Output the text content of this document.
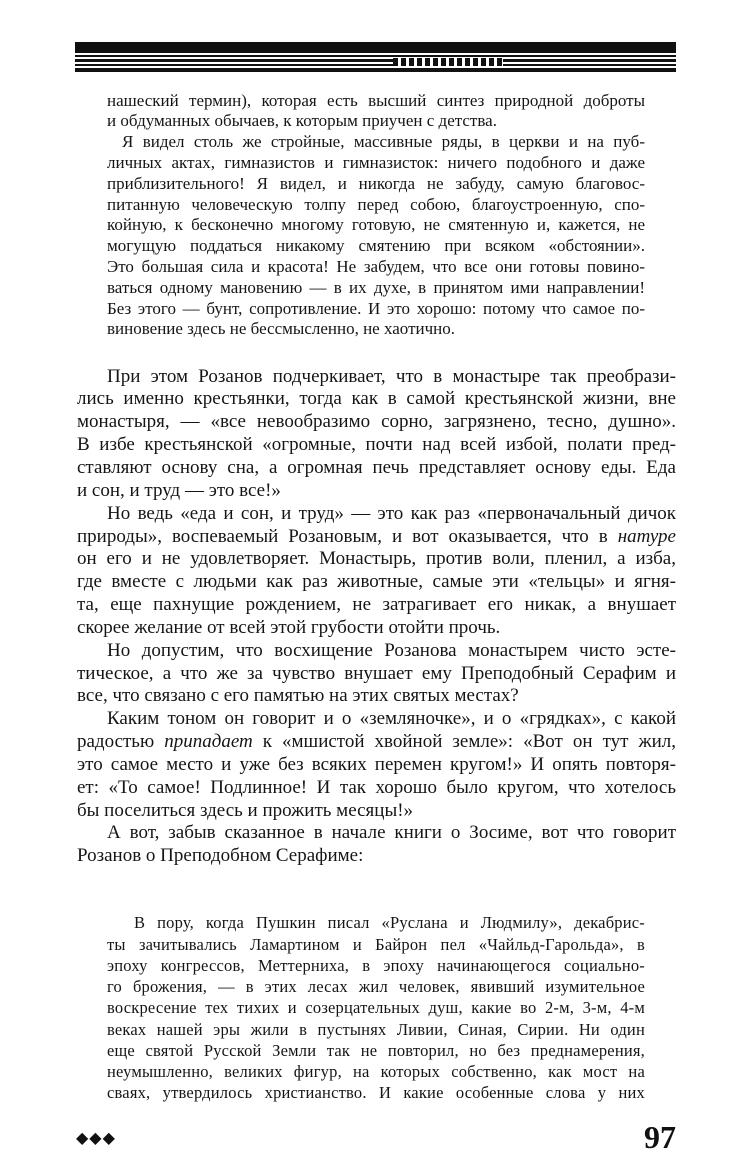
нашеский термин), которая есть высший синтез природной доброты
и обдуманных обычаев, к которым приучен с детства.
Я видел столь же стройные, массивные ряды, в церкви и на пуб-
личных актах, гимназистов и гимназисток: ничего подобного и даже
приблизительного! Я видел, и никогда не забуду, самую благовос-
питанную человеческую толпу перед собою, благоустроенную, спо-
койную, к бесконечно многому готовую, не смятенную и, кажется, не
могущую поддаться никакому смятению при всяком «обстоянии».
Это большая сила и красота! Не забудем, что все они готовы повино-
ваться одному мановению — в их духе, в принятом ими направлении!
Без этого — бунт, сопротивление. И это хорошо: потому что самое по-
виновение здесь не бессмысленно, не хаотично.
При этом Розанов подчеркивает, что в монастыре так преобрази-
лись именно крестьянки, тогда как в самой крестьянской жизни, вне
монастыря, — «все невообразимо сорно, загрязнено, тесно, душно».
В избе крестьянской «огромные, почти над всей избой, полати пред-
ставляют основу сна, а огромная печь представляет основу еды. Еда
и сон, и труд — это все!»
Но ведь «еда и сон, и труд» — это как раз «первоначальный дичок
природы», воспеваемый Розановым, и вот оказывается, что в натуре
он его и не удовлетворяет. Монастырь, против воли, пленил, а изба,
где вместе с людьми как раз животные, самые эти «тельцы» и ягня-
та, еще пахнущие рождением, не затрагивает его никак, а внушает
скорее желание от всей этой грубости отойти прочь.
Но допустим, что восхищение Розанова монастырем чисто эсте-
тическое, а что же за чувство внушает ему Преподобный Серафим и
все, что связано с его памятью на этих святых местах?
Каким тоном он говорит и о «земляночке», и о «грядках», с какой
радостью припадает к «мшистой хвойной земле»: «Вот он тут жил,
это самое место и уже без всяких перемен кругом!» И опять повторя-
ет: «То самое! Подлинное! И так хорошо было кругом, что хотелось
бы поселиться здесь и прожить месяцы!»
А вот, забыв сказанное в начале книги о Зосиме, вот что говорит
Розанов о Преподобном Серафиме:
В пору, когда Пушкин писал «Руслана и Людмилу», декабрис-
ты зачитывались Ламартином и Байрон пел «Чайльд-Гарольда», в
эпоху конгрессов, Меттерниха, в эпоху начинающегося социально-
го брожения, — в этих лесах жил человек, явивший изумительное
воскресение тех тихих и созерцательных душ, какие во 2-м, 3-м, 4-м
веках нашей эры жили в пустынях Ливии, Синая, Сирии. Ни один
еще святой Русской Земли так не повторил, но без преднамерения,
неумышленно, великих фигур, на которых собственно, как мост на
сваях, утвердилось христианство. И какие особенные слова у них
◆◆◆	97
